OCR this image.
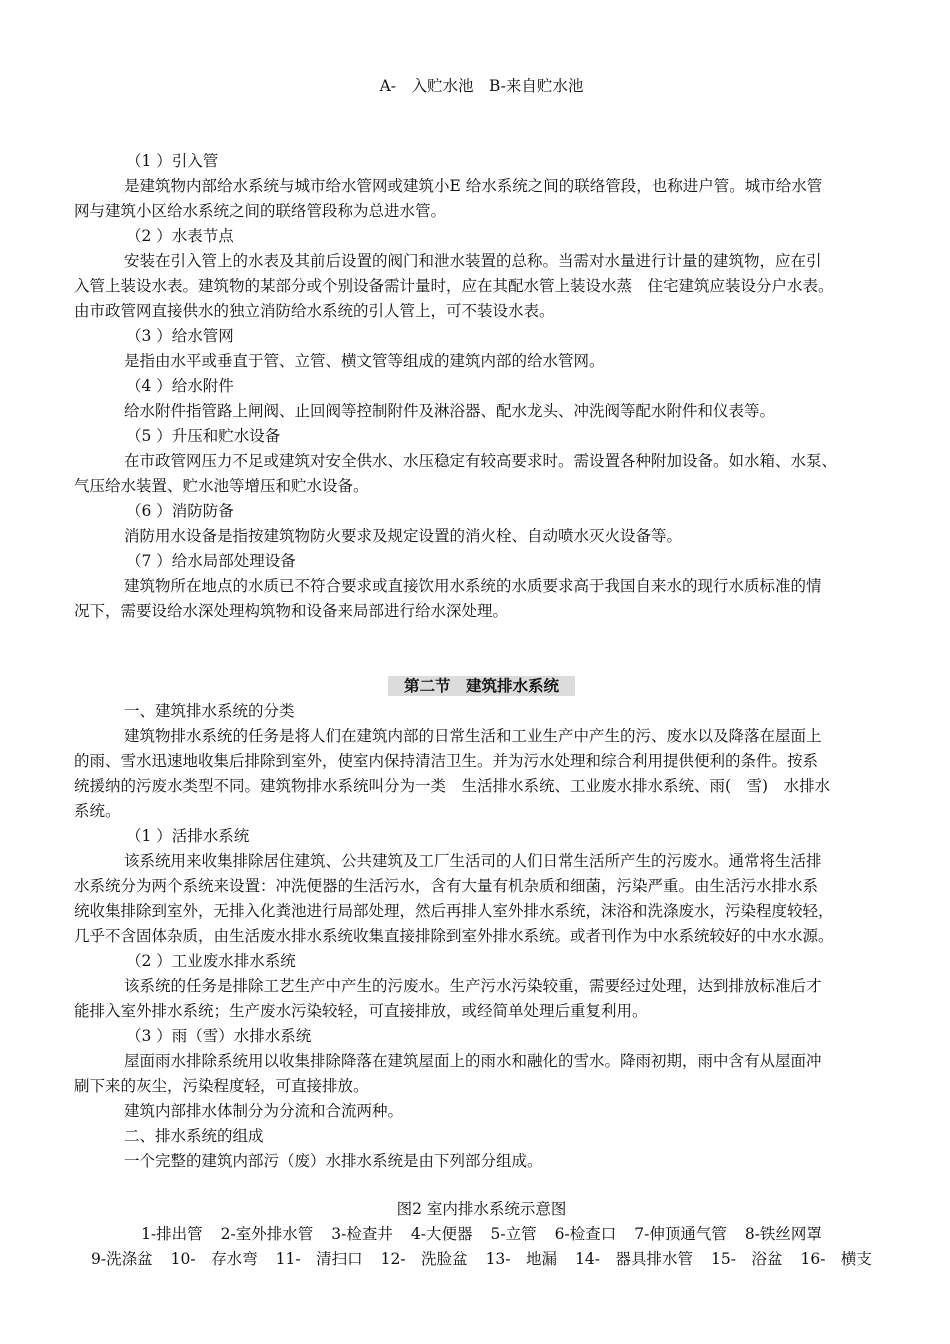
A-　入贮水池　B-来自贮水池
（1 ）引入管
是建筑物内部给水系统与城市给水管网或建筑小E 给水系统之间的联络管段，也称进户管。城市给水管
网与建筑小区给水系统之间的联络管段称为总进水管。
（2 ）水表节点
安装在引入管上的水表及其前后设置的阀门和泄水装置的总称。当需对水量进行计量的建筑物，应在引
入管上装设水表。建筑物的某部分或个别设备需计量时，应在其配水管上装设水蒸　住宅建筑应装设分户水表。
由市政管网直接供水的独立消防给水系统的引人管上，可不装设水表。
（3 ）给水管网
是指由水平或垂直于管、立管、横文管等组成的建筑内部的给水管网。
（4 ）给水附件
给水附件指管路上闸阀、止回阀等控制附件及淋浴器、配水龙头、冲洗阀等配水附件和仪表等。
（5 ）升压和贮水设备
在市政管网压力不足或建筑对安全供水、水压稳定有较高要求时。需设置各种附加设备。如水箱、水泵、
气压给水装置、贮水池等增压和贮水设备。
（6 ）消防防备
消防用水设备是指按建筑物防火要求及规定设置的消火栓、自动喷水灭火设备等。
（7 ）给水局部处理设备
建筑物所在地点的水质已不符合要求或直接饮用水系统的水质要求高于我国自来水的现行水质标准的情
况下，需要设给水深处理构筑物和设备来局部进行给水深处理。
第二节　建筑排水系统
一、建筑排水系统的分类
建筑物排水系统的任务是将人们在建筑内部的日常生活和工业生产中产生的污、废水以及降落在屋面上
的雨、雪水迅速地收集后排除到室外，使室内保持清洁卫生。并为污水处理和综合利用提供便利的条件。按系
统援纳的污废水类型不同。建筑物排水系统叫分为一类　生活排水系统、工业废水排水系统、雨(　雪)　水排水
系统。
（1 ）活排水系统
该系统用来收集排除居住建筑、公共建筑及工厂生活司的人们日常生活所产生的污废水。通常将生活排
水系统分为两个系统来设置：冲洗便器的生活污水，含有大量有机杂质和细菌，污染严重。由生活污水排水系
统收集排除到室外，无排入化粪池进行局部处理，然后再排人室外排水系统，沫浴和洗涤废水，污染程度较轻，
几乎不含固体杂质，由生活废水排水系统收集直接排除到室外排水系统。或者刊作为中水系统较好的中水水源。
（2 ）工业废水排水系统
该系统的任务是排除工艺生产中产生的污废水。生产污水污染较重，需要经过处理，达到排放标准后才
能排入室外排水系统；生产废水污染较轻，可直接排放，或经简单处理后重复利用。
（3 ）雨（雪）水排水系统
屋面雨水排除系统用以收集排除降落在建筑屋面上的雨水和融化的雪水。降雨初期，雨中含有从屋面冲
刷下来的灰尘，污染程度轻，可直接排放。
建筑内部排水体制分为分流和合流两种。
二、排水系统的组成
一个完整的建筑内部污（废）水排水系统是由下列部分组成。
图2 室内排水系统示意图
1-排出管 2-室外排水管 3-检查井 4-大便器 5-立管 6-检查口 7-伸顶通气管 8-铁丝网罩
9-洗涤盆 10-　存水弯 11-　清扫口 12-　洗脸盆 13-　地漏 14-　器具排水管 15-　浴盆 16-　横支
